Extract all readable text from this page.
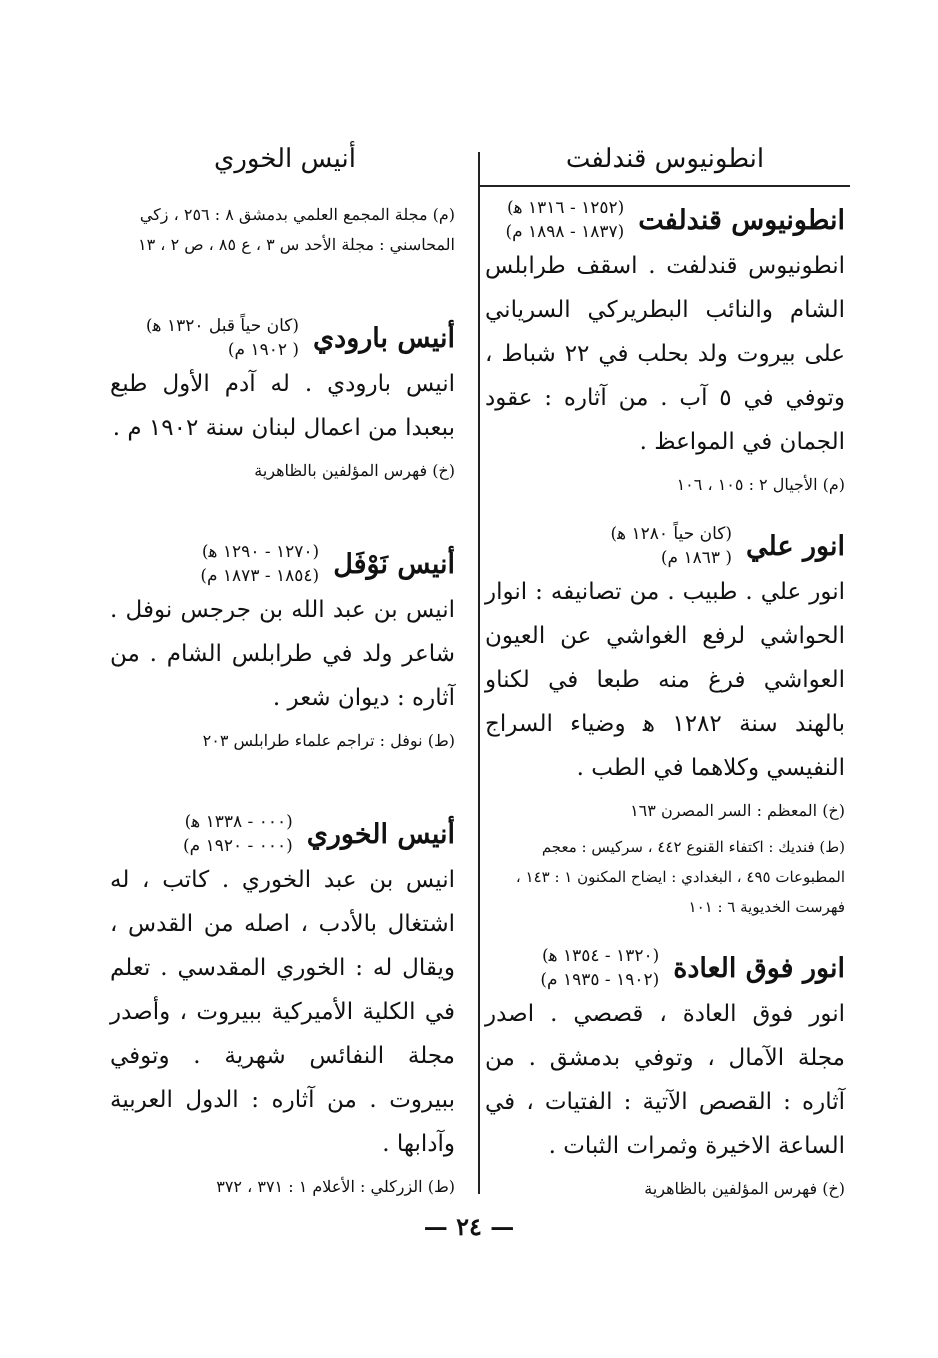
انطونيوس قندلفت
أنيس الخوري
انطونيوس قندلفت
(١٢٥٢ - ١٣١٦ ﻫ)
(١٨٣٧ - ١٨٩٨ م)
انطونيوس قندلفت . اسقف طرابلس الشام والنائب البطريركي السرياني على بيروت ولد بحلب في ٢٢ شباط ، وتوفي في ٥ آب . من آثاره : عقود الجمان في المواعظ .
(م) الأجيال ٢ : ١٠٥ ، ١٠٦
انور علي
(كان حياً ١٢٨٠ ﻫ)
( ١٨٦٣ م)
انور علي . طبيب . من تصانيفه : انوار الحواشي لرفع الغواشي عن العيون العواشي فرغ منه طبعا في لكناو بالهند سنة ١٢٨٢ ﻫ وضياء السراج النفيسي وكلاهما في الطب .
(خ) المعظم : السر المصرن ١٦٣
(ط) فنديك : اكتفاء القنوع ٤٤٢ ، سركيس : معجم المطبوعات ٤٩٥ ، البغدادي : ايضاح المكنون ١ : ١٤٣ ، فهرست الخديوية ٦ : ١٠١
انور فوق العادة
(١٣٢٠ - ١٣٥٤ ﻫ)
(١٩٠٢ - ١٩٣٥ م)
انور فوق العادة ، قصصي . اصدر مجلة الآمال ، وتوفي بدمشق . من آثاره : القصص الآتية : الفتيات ، في الساعة الاخيرة وثمرات الثبات .
(خ) فهرس المؤلفين بالظاهرية
(م) مجلة المجمع العلمي بدمشق ٨ : ٢٥٦ ، زكي المحاسني : مجلة الأحد س ٣ ، ع ٨٥ ، ص ٢ ، ١٣
أنيس بارودي
(كان حياً قبل ١٣٢٠ ﻫ)
( ١٩٠٢ م)
انيس بارودي . له آدم الأول طبع ببعبدا من اعمال لبنان سنة ١٩٠٢ م .
(خ) فهرس المؤلفين بالظاهرية
أنيس نَوْفَل
(١٢٧٠ - ١٢٩٠ ﻫ)
(١٨٥٤ - ١٨٧٣ م)
انيس بن عبد الله بن جرجس نوفل . شاعر ولد في طرابلس الشام . من آثاره : ديوان شعر .
(ط) نوفل : تراجم علماء طرابلس ٢٠٣
أنيس الخوري
(٠٠٠ - ١٣٣٨ ﻫ)
(٠٠٠ - ١٩٢٠ م)
انيس بن عبد الخوري . كاتب ، له اشتغال بالأدب ، اصله من القدس ، ويقال له : الخوري المقدسي . تعلم في الكلية الأميركية ببيروت ، وأصدر مجلة النفائس شهرية . وتوفي ببيروت . من آثاره : الدول العربية وآدابها .
(ط) الزركلي : الأعلام ١ : ٣٧١ ، ٣٧٢
— ٢٤ —
